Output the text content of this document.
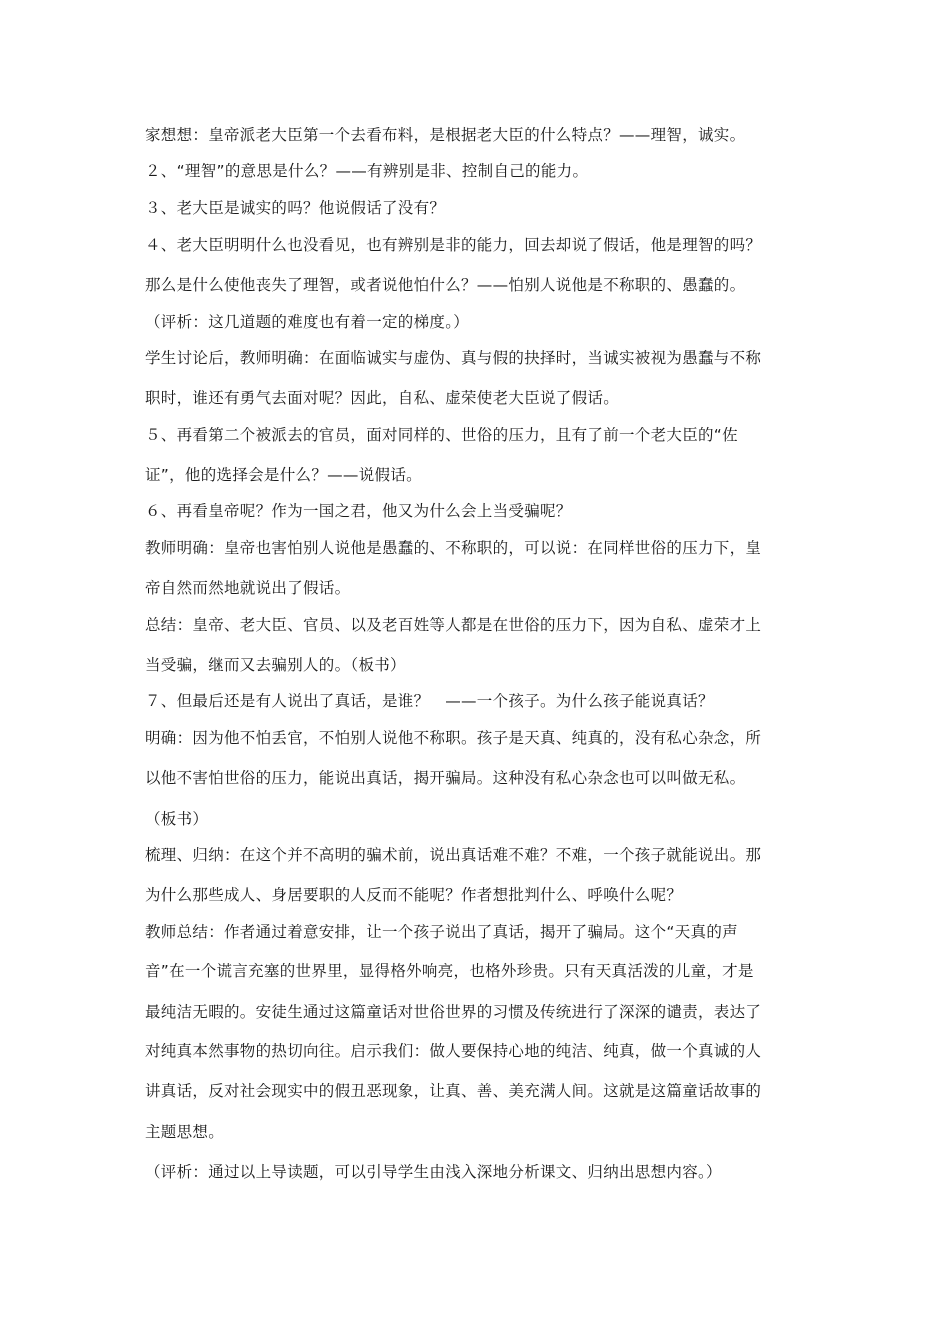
家想想：皇帝派老大臣第一个去看布料，是根据老大臣的什么特点？——理智，诚实。
２、“理智”的意思是什么？——有辨别是非、控制自己的能力。
３、老大臣是诚实的吗？他说假话了没有？
４、老大臣明明什么也没看见，也有辨别是非的能力，回去却说了假话，他是理智的吗？
那么是什么使他丧失了理智，或者说他怕什么？——怕别人说他是不称职的、愚蠢的。
（评析：这几道题的难度也有着一定的梯度。）
学生讨论后，教师明确：在面临诚实与虚伪、真与假的抉择时，当诚实被视为愚蠢与不称
职时，谁还有勇气去面对呢？因此，自私、虚荣使老大臣说了假话。
５、再看第二个被派去的官员，面对同样的、世俗的压力，且有了前一个老大臣的“佐
证”，他的选择会是什么？——说假话。
６、再看皇帝呢？作为一国之君，他又为什么会上当受骗呢？
教师明确：皇帝也害怕别人说他是愚蠢的、不称职的，可以说：在同样世俗的压力下，皇
帝自然而然地就说出了假话。
总结：皇帝、老大臣、官员、以及老百姓等人都是在世俗的压力下，因为自私、虚荣才上
当受骗，继而又去骗别人的。（板书）
７、但最后还是有人说出了真话，是谁？　——一个孩子。为什么孩子能说真话？
明确：因为他不怕丢官，不怕别人说他不称职。孩子是天真、纯真的，没有私心杂念，所
以他不害怕世俗的压力，能说出真话，揭开骗局。这种没有私心杂念也可以叫做无私。
（板书）
梳理、归纳：在这个并不高明的骗术前，说出真话难不难？不难，一个孩子就能说出。那
为什么那些成人、身居要职的人反而不能呢？作者想批判什么、呼唤什么呢？
教师总结：作者通过着意安排，让一个孩子说出了真话，揭开了骗局。这个“天真的声
音”在一个谎言充塞的世界里，显得格外响亮，也格外珍贵。只有天真活泼的儿童，才是
最纯洁无暇的。安徒生通过这篇童话对世俗世界的习惯及传统进行了深深的谴责，表达了
对纯真本然事物的热切向往。启示我们：做人要保持心地的纯洁、纯真，做一个真诚的人
讲真话，反对社会现实中的假丑恶现象，让真、善、美充满人间。这就是这篇童话故事的
主题思想。
（评析：通过以上导读题，可以引导学生由浅入深地分析课文、归纳出思想内容。）
